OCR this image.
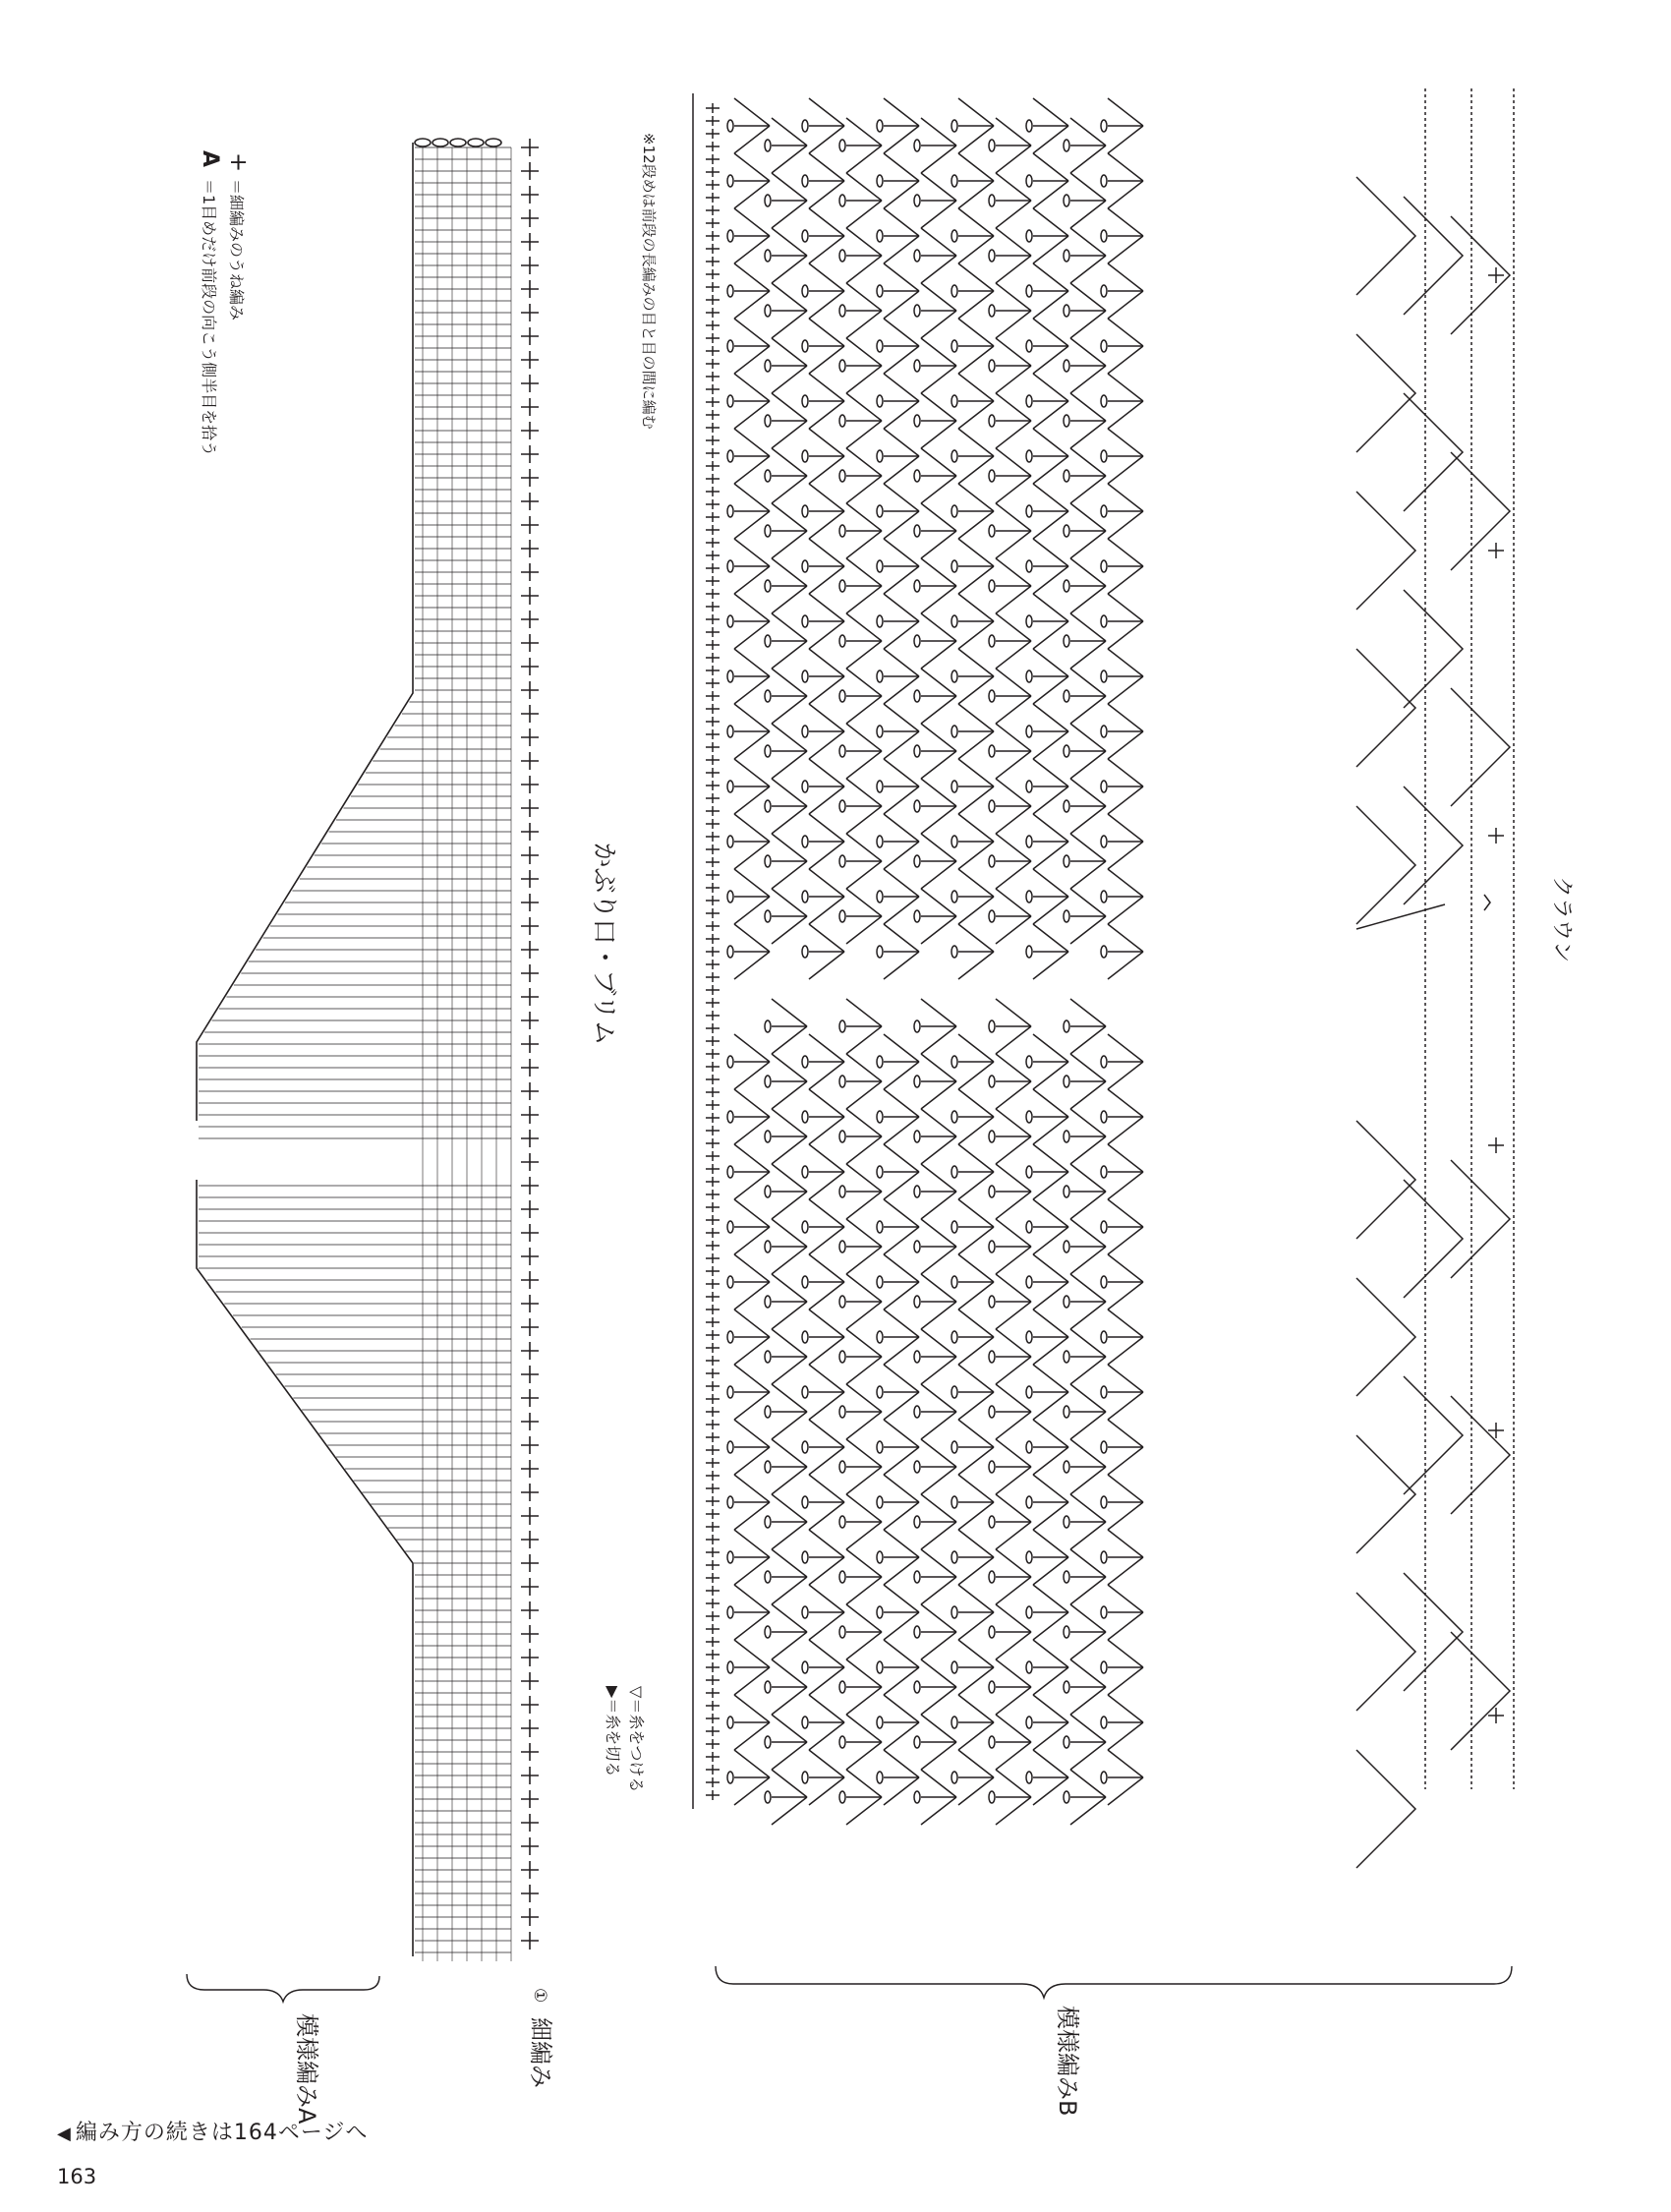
かぶり口・ブリム
+
＝細編みのうね編み
A
＝1目めだけ前段の向こう側半目を拾う
クラウン
※12段めは前段の長編みの目と目の間に編む
▽＝糸をつける
▶＝糸を切る
模様編みB
模様編みA
①
細編み
◀ 編み方の続きは164ページへ
163
